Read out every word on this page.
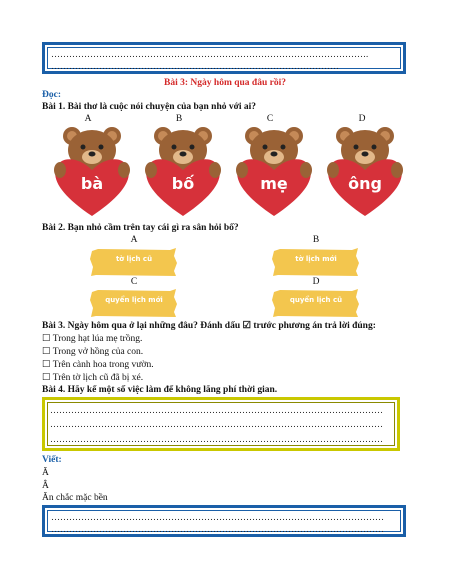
…………………………………………………………………………………………….
……………………………………………………………………………………
Bài 3: Ngày hôm qua đâu rồi?
Đọc:
Bài 1. Bài thơ là cuộc nói chuyện của bạn nhỏ với ai?
A	B	C	D
bà	bố	mẹ	ông
Bài 2. Bạn nhỏ cầm trên tay cái gì ra sân hỏi bố?
A	B
tờ lịch cũ	tờ lịch mới
C	D
quyển lịch mới	quyển lịch cũ
Bài 3. Ngày hôm qua ở lại những đâu? Đánh dấu ☑ trước phương án trả lời đúng:
☐ Trong hạt lúa mẹ trồng.
☐ Trong vở hồng của con.
☐ Trên cành hoa trong vườn.
☐ Trên tờ lịch cũ đã bị xé.
Bài 4. Hãy kể một số việc làm để không lãng phí thời gian.
…………………………………………………………………………………………………
…………………………………………………………………………………………………
…………………………………………………………………………………………………
Viết:
Ă
Â
Ăn chắc mặc bền
…………………………………………………………………………………………………
…………………………………………………………………………………………………
